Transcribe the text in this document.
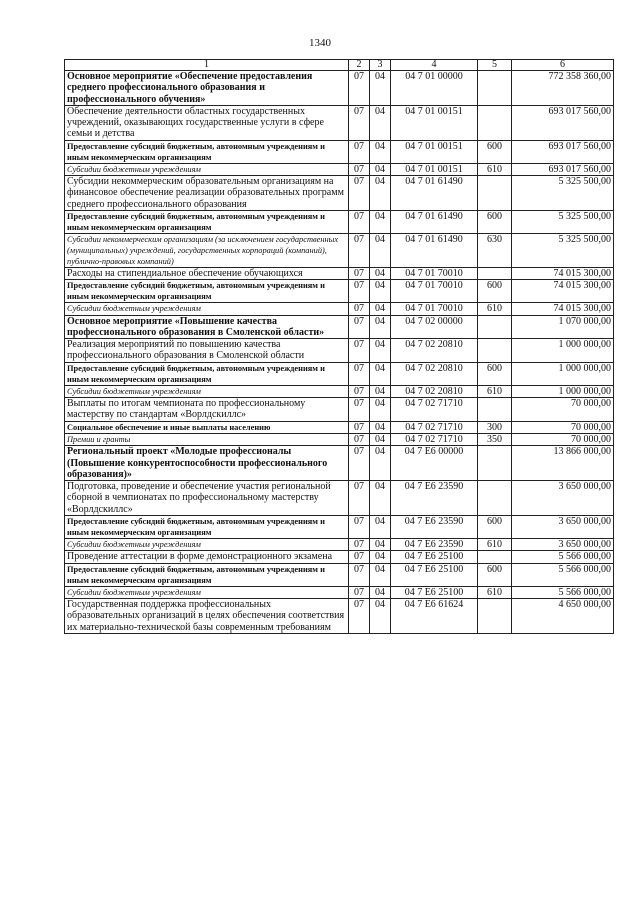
1340
1	2	3	4	5	6
Основное мероприятие «Обеспечение предоставления среднего профессионального образования и профессионального обучения»	07	04	04 7 01 00000		772 358 360,00
Обеспечение деятельности областных государственных учреждений, оказывающих государственные услуги в сфере семьи и детства	07	04	04 7 01 00151		693 017 560,00
Предоставление субсидий бюджетным, автономным учреждениям и иным некоммерческим организациям	07	04	04 7 01 00151	600	693 017 560,00
Субсидии бюджетным учреждениям	07	04	04 7 01 00151	610	693 017 560,00
Субсидии некоммерческим образовательным организациям на финансовое обеспечение реализации образовательных программ среднего профессионального образования	07	04	04 7 01 61490		5 325 500,00
Предоставление субсидий бюджетным, автономным учреждениям и иным некоммерческим организациям	07	04	04 7 01 61490	600	5 325 500,00
Субсидии некоммерческим организациям (за исключением государственных (муниципальных) учреждений, государственных корпораций (компаний), публично-правовых компаний)	07	04	04 7 01 61490	630	5 325 500,00
Расходы на стипендиальное обеспечение обучающихся	07	04	04 7 01 70010		74 015 300,00
Предоставление субсидий бюджетным, автономным учреждениям и иным некоммерческим организациям	07	04	04 7 01 70010	600	74 015 300,00
Субсидии бюджетным учреждениям	07	04	04 7 01 70010	610	74 015 300,00
Основное мероприятие «Повышение качества профессионального образования в Смоленской области»	07	04	04 7 02 00000		1 070 000,00
Реализация мероприятий по повышению качества профессионального образования в Смоленской области	07	04	04 7 02 20810		1 000 000,00
Предоставление субсидий бюджетным, автономным учреждениям и иным некоммерческим организациям	07	04	04 7 02 20810	600	1 000 000,00
Субсидии бюджетным учреждениям	07	04	04 7 02 20810	610	1 000 000,00
Выплаты по итогам чемпионата по профессиональному мастерству по стандартам «Ворлдскиллс»	07	04	04 7 02 71710		70 000,00
Социальное обеспечение и иные выплаты населению	07	04	04 7 02 71710	300	70 000,00
Премии и гранты	07	04	04 7 02 71710	350	70 000,00
Региональный проект «Молодые профессионалы (Повышение конкурентоспособности профессионального образования)»	07	04	04 7 E6 00000		13 866 000,00
Подготовка, проведение и обеспечение участия региональной сборной в чемпионатах по профессиональному мастерству «Ворлдскиллс»	07	04	04 7 E6 23590		3 650 000,00
Предоставление субсидий бюджетным, автономным учреждениям и иным некоммерческим организациям	07	04	04 7 E6 23590	600	3 650 000,00
Субсидии бюджетным учреждениям	07	04	04 7 E6 23590	610	3 650 000,00
Проведение аттестации в форме демонстрационного экзамена	07	04	04 7 E6 25100		5 566 000,00
Предоставление субсидий бюджетным, автономным учреждениям и иным некоммерческим организациям	07	04	04 7 E6 25100	600	5 566 000,00
Субсидии бюджетным учреждениям	07	04	04 7 E6 25100	610	5 566 000,00
Государственная поддержка профессиональных образовательных организаций в целях обеспечения соответствия их материально-технической базы современным требованиям	07	04	04 7 E6 61624		4 650 000,00
